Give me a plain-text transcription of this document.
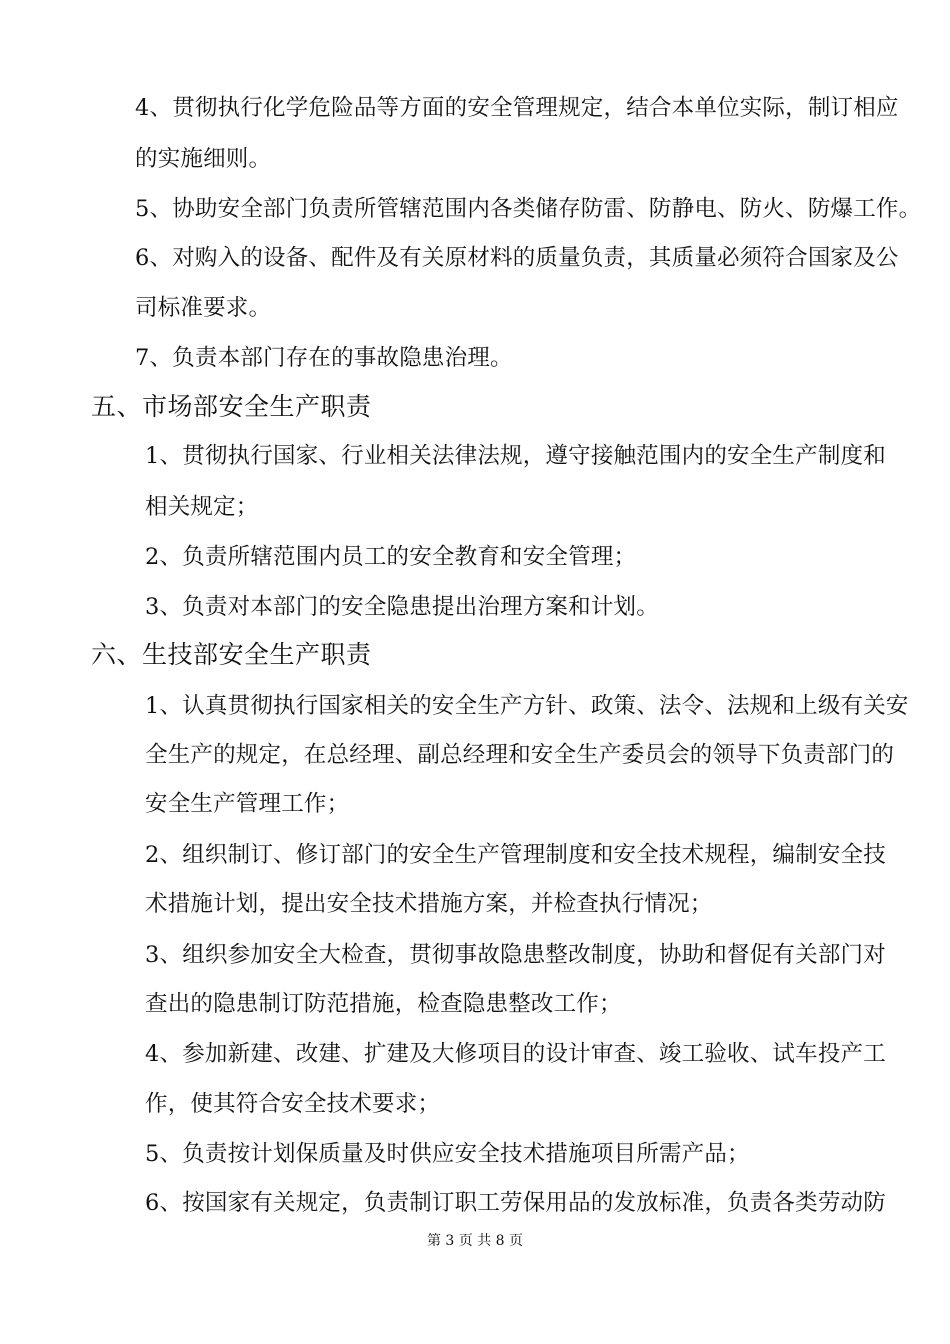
4、贯彻执行化学危险品等方面的安全管理规定，结合本单位实际，制订相应
的实施细则。
5、协助安全部门负责所管辖范围内各类储存防雷、防静电、防火、防爆工作。
6、对购入的设备、配件及有关原材料的质量负责，其质量必须符合国家及公
司标准要求。
7、负责本部门存在的事故隐患治理。
五、市场部安全生产职责
1、贯彻执行国家、行业相关法律法规，遵守接触范围内的安全生产制度和
相关规定；
2、负责所辖范围内员工的安全教育和安全管理；
3、负责对本部门的安全隐患提出治理方案和计划。
六、生技部安全生产职责
1、认真贯彻执行国家相关的安全生产方针、政策、法令、法规和上级有关安
全生产的规定，在总经理、副总经理和安全生产委员会的领导下负责部门的
安全生产管理工作；
2、组织制订、修订部门的安全生产管理制度和安全技术规程，编制安全技
术措施计划，提出安全技术措施方案，并检查执行情况；
3、组织参加安全大检查，贯彻事故隐患整改制度，协助和督促有关部门对
查出的隐患制订防范措施，检查隐患整改工作；
4、参加新建、改建、扩建及大修项目的设计审查、竣工验收、试车投产工
作，使其符合安全技术要求；
5、负责按计划保质量及时供应安全技术措施项目所需产品；
6、按国家有关规定，负责制订职工劳保用品的发放标准，负责各类劳动防
第 3 页 共 8 页
